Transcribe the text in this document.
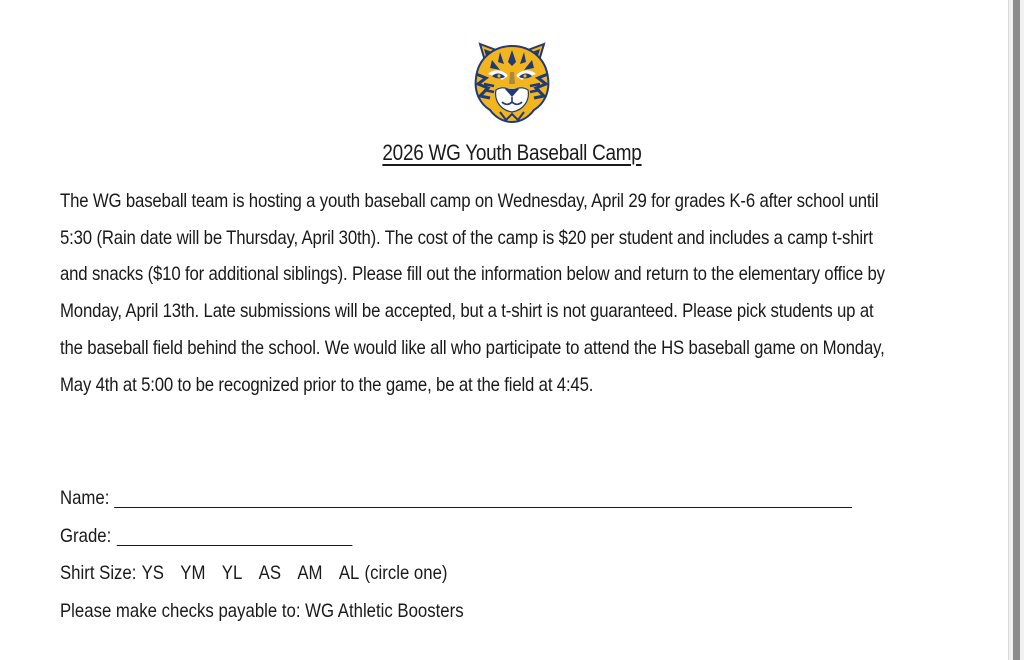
2026 WG Youth Baseball Camp
The WG baseball team is hosting a youth baseball camp on Wednesday, April 29 for grades K-6 after school until
5:30 (Rain date will be Thursday, April 30th). The cost of the camp is $20 per student and includes a camp t-shirt
and snacks ($10 for additional siblings). Please fill out the information below and return to the elementary office by
Monday, April 13th. Late submissions will be accepted, but a t-shirt is not guaranteed. Please pick students up at
the baseball field behind the school. We would like all who participate to attend the HS baseball game on Monday,
May 4th at 5:00 to be recognized prior to the game, be at the field at 4:45.
Name:
Grade:
Shirt Size: YS YM YL AS AM AL (circle one)
Please make checks payable to: WG Athletic Boosters
